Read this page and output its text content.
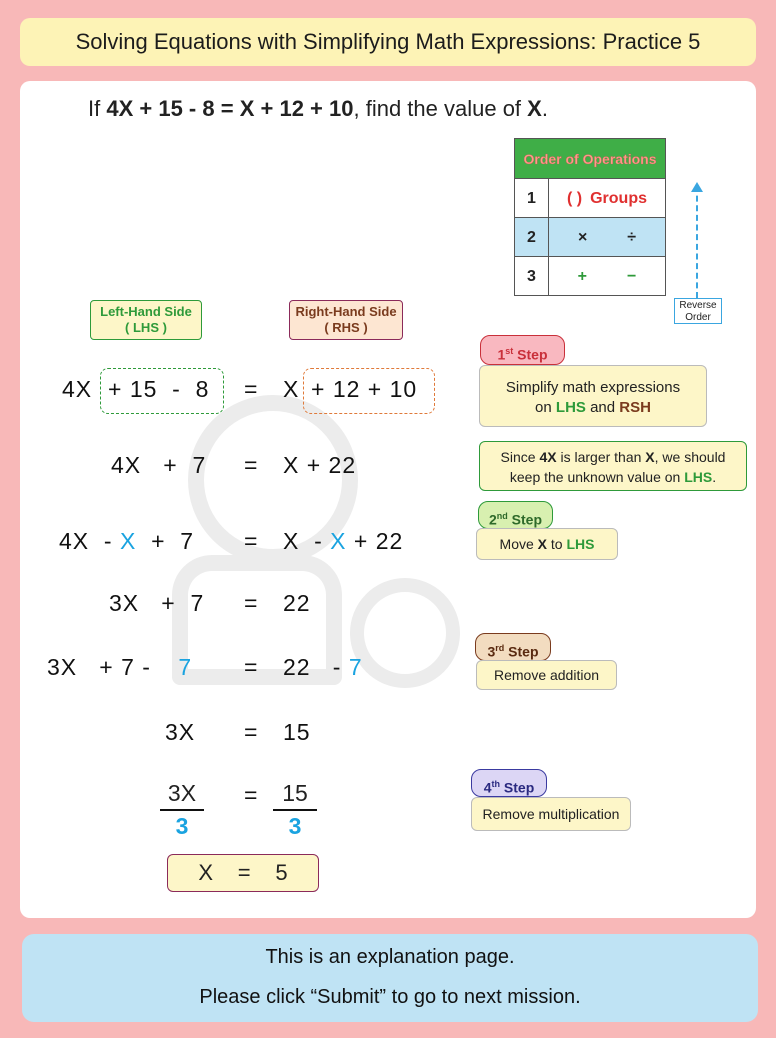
Solving Equations with Simplifying Math Expressions: Practice 5
If 4X + 15 - 8 = X + 12 + 10, find the value of X.
Order of Operations
1	( ) Groups
2	×	÷
3	+	−
Reverse
Order
Left-Hand Side
( LHS )
Right-Hand Side
( RHS )
4X + 15  -  8 = X + 12 + 10
4X   +  7 = X + 22
4X  - X  +  7 = X  - X + 22
3X   +  7 = 22
3X   + 7 - 7 = 22   - 7
3X = 15
$\frac{3X}{3} = \frac{15}{3}$
X = 5
1st Step
Simplify math expressions
on LHS and RSH
Since 4X is larger than X, we should
keep the unknown value on LHS.
2nd Step
Move X to LHS
3rd Step
Remove addition
4th Step
Remove multiplication
This is an explanation page.
Please click “Submit” to go to next mission.
